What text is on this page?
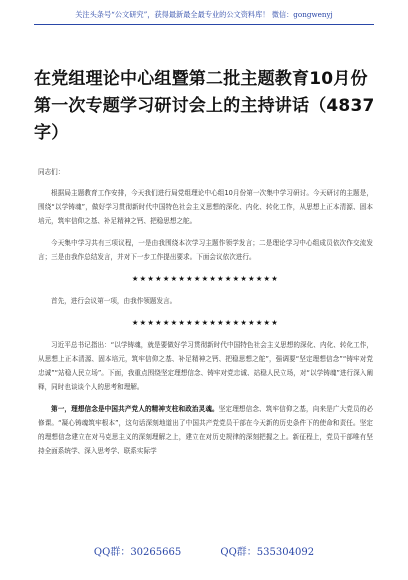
关注头条号“公文研究”，获得最新最全最专业的公文资料库！ 微信：gongwenyj
在党组理论中心组暨第二批主题教育10月份第一次专题学习研讨会上的主持讲话（4837字）
同志们：

根据局主题教育工作安排，今天我们进行局党组理论中心组10月份第一次集中学习研讨。今天研讨的主题是，围绕“以学铸魂”，做好学习贯彻新时代中国特色社会主义思想的深化、内化、转化工作，从思想上正本清源、固本培元，筑牢信仰之基、补足精神之钙、把稳思想之舵。

今天集中学习共有三项议程，一是由我围绕本次学习主题作领学发言；二是理论学习中心组成员依次作交流发言；三是由我作总结发言，并对下一步工作提出要求。下面会议依次进行。

★★★★★★★★★★★★★★★★★★★

首先，进行会议第一项，由我作领题发言。

★★★★★★★★★★★★★★★★★★★

习近平总书记指出：“以学铸魂，就是要做好学习贯彻新时代中国特色社会主义思想的深化、内化、转化工作，从思想上正本清源、固本培元，筑牢信仰之基、补足精神之钙、把稳思想之舵”，强调要“坚定理想信念”“铸牢对党忠诚”“站稳人民立场”。下面，我重点围绕坚定理想信念、铸牢对党忠诚、站稳人民立场，对“以学铸魂”进行深入阐释，同时也谈谈个人的思考和理解。

第一，理想信念是中国共产党人的精神支柱和政治灵魂。坚定理想信念、筑牢信仰之基，向来是广大党员的必修课。“凝心铸魂筑牢根本”，这句话深刻地道出了中国共产党党员干部在今天新的历史条件下的使命和责任。坚定的理想信念建立在对马克思主义的深刻理解之上，建立在对历史规律的深刻把握之上。新征程上，党员干部唯有坚持全面系统学、深入思考学、联系实际学

QQ群：30265665	QQ群：535304092
